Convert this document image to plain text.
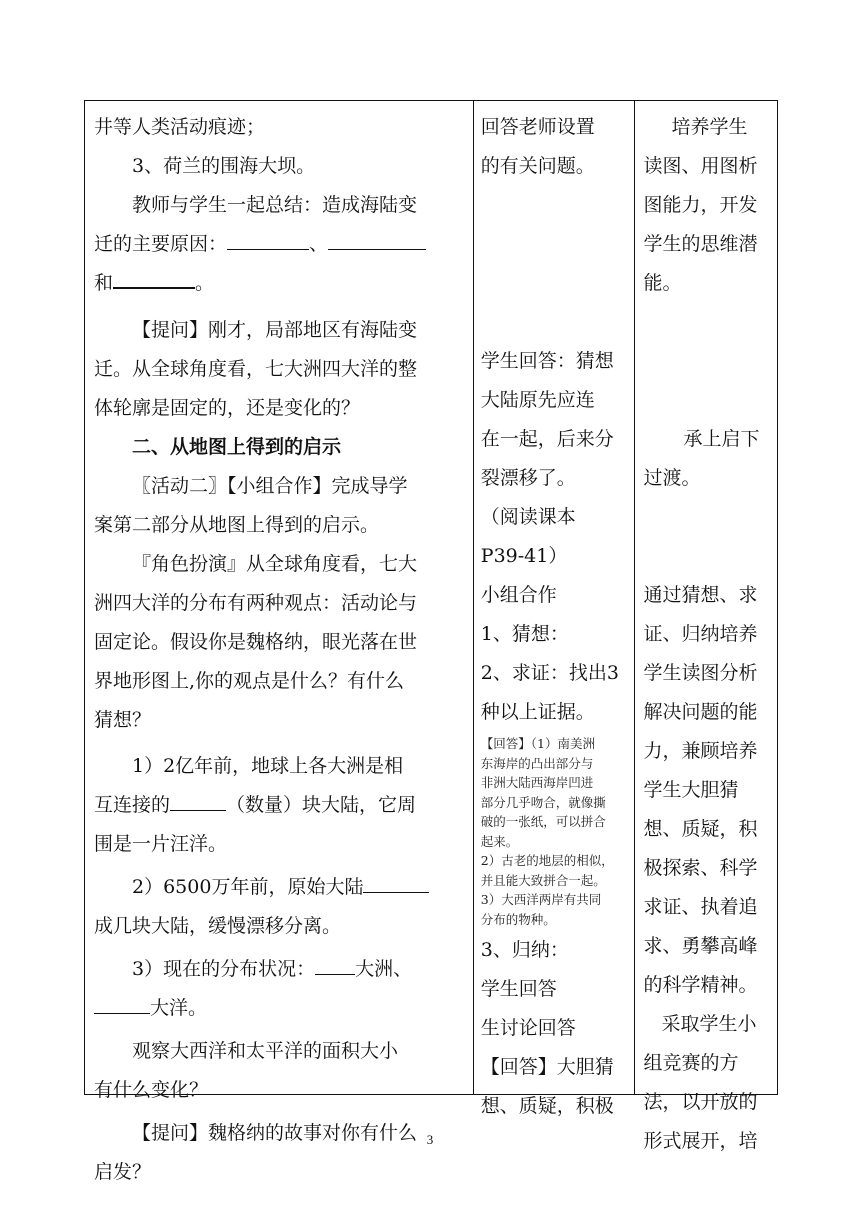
井等人类活动痕迹；
3、荷兰的围海大坝。
教师与学生一起总结：造成海陆变
迁的主要原因：	、
和	。
【提问】刚才，局部地区有海陆变
迁。从全球角度看，七大洲四大洋的整
体轮廓是固定的，还是变化的？
二、从地图上得到的启示
〖活动二〗【小组合作】完成导学
案第二部分从地图上得到的启示。
『角色扮演』从全球角度看，七大
洲四大洋的分布有两种观点：活动论与
固定论。假设你是魏格纳，眼光落在世
界地形图上,你的观点是什么？有什么
猜想？
1）2亿年前，地球上各大洲是相
互连接的	（数量）块大陆，它周
围是一片汪洋。
2）6500万年前，原始大陆
成几块大陆，缓慢漂移分离。
3）现在的分布状况： 大洲、
大洋。
观察大西洋和太平洋的面积大小
有什么变化？
【提问】魏格纳的故事对你有什么
启发？

回答老师设置
的有关问题。
学生回答：猜想
大陆原先应连
在一起，后来分
裂漂移了。
（阅读课本
P39-41）
小组合作
1、猜想：
2、求证：找出3
种以上证据。
【回答】（1）南美洲
东海岸的凸出部分与
非洲大陆西海岸凹进
部分几乎吻合，就像撕
破的一张纸，可以拼合
起来。
2）古老的地层的相似，
并且能大致拼合一起。
3）大西洋两岸有共同
分布的物种。
3、归纳：
学生回答
生讨论回答
【回答】大胆猜
想、质疑，积极

培养学生
读图、用图析
图能力，开发
学生的思维潜
能。
承上启下
过渡。
通过猜想、求
证、归纳培养
学生读图分析
解决问题的能
力，兼顾培养
学生大胆猜
想、质疑，积
极探索、科学
求证、执着追
求、勇攀高峰
的科学精神。
采取学生小
组竞赛的方
法，以开放的
形式展开，培
3
